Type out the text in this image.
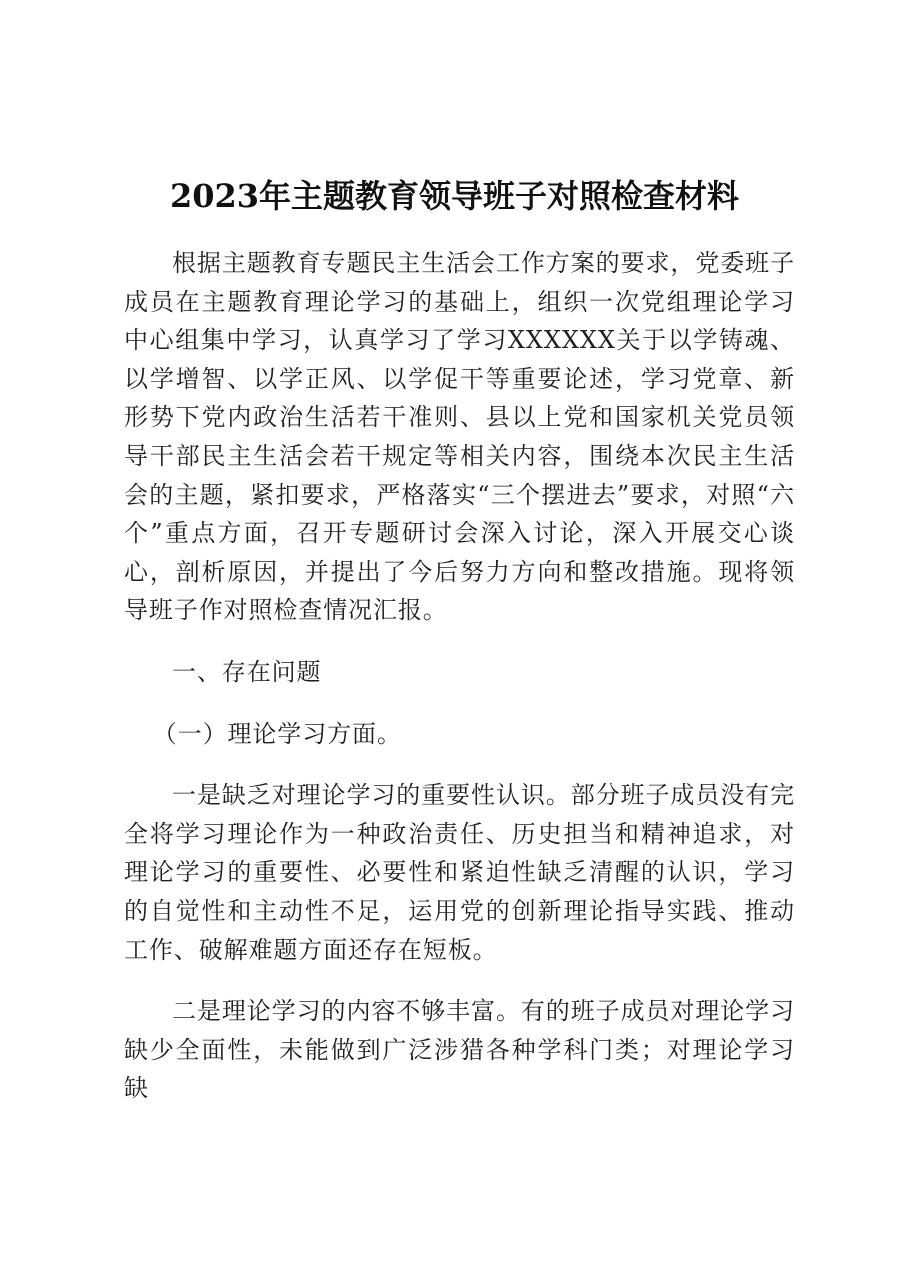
2023年主题教育领导班子对照检查材料

根据主题教育专题民主生活会工作方案的要求，党委班子成员在主题教育理论学习的基础上，组织一次党组理论学习中心组集中学习，认真学习了学习XXXXXX关于以学铸魂、以学增智、以学正风、以学促干等重要论述，学习党章、新形势下党内政治生活若干准则、县以上党和国家机关党员领导干部民主生活会若干规定等相关内容，围绕本次民主生活会的主题，紧扣要求，严格落实“三个摆进去”要求，对照“六个”重点方面，召开专题研讨会深入讨论，深入开展交心谈心，剖析原因，并提出了今后努力方向和整改措施。现将领导班子作对照检查情况汇报。

一、存在问题

（一）理论学习方面。

一是缺乏对理论学习的重要性认识。部分班子成员没有完全将学习理论作为一种政治责任、历史担当和精神追求，对理论学习的重要性、必要性和紧迫性缺乏清醒的认识，学习的自觉性和主动性不足，运用党的创新理论指导实践、推动工作、破解难题方面还存在短板。

二是理论学习的内容不够丰富。有的班子成员对理论学习缺少全面性，未能做到广泛涉猎各种学科门类；对理论学习缺
